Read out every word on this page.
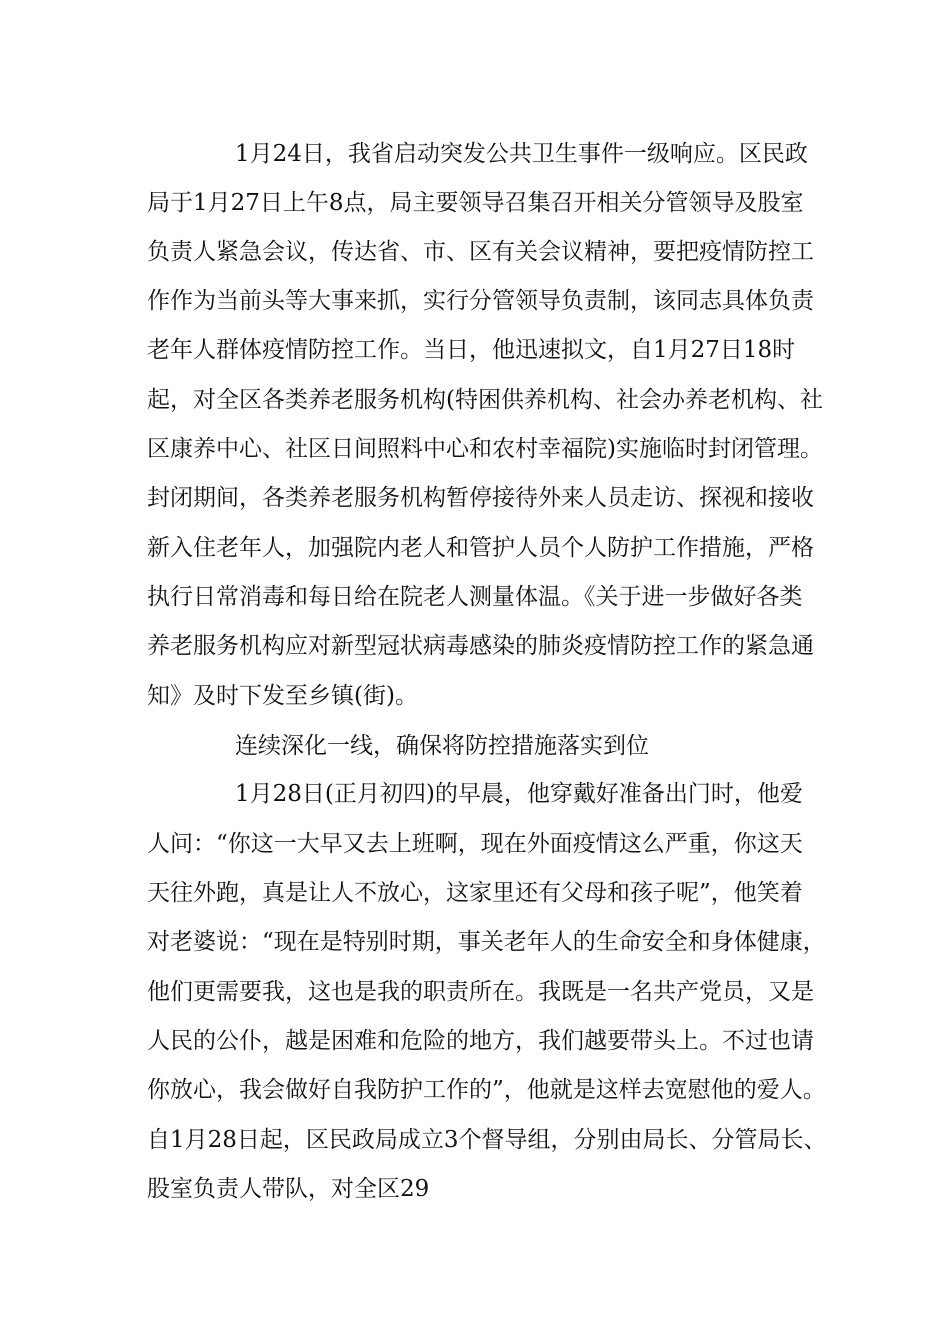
1月24日，我省启动突发公共卫生事件一级响应。区民政
局于1月27日上午8点，局主要领导召集召开相关分管领导及股室
负责人紧急会议，传达省、市、区有关会议精神，要把疫情防控工
作作为当前头等大事来抓，实行分管领导负责制，该同志具体负责
老年人群体疫情防控工作。当日，他迅速拟文，自1月27日18时
起，对全区各类养老服务机构(特困供养机构、社会办养老机构、社
区康养中心、社区日间照料中心和农村幸福院)实施临时封闭管理。
封闭期间，各类养老服务机构暂停接待外来人员走访、探视和接收
新入住老年人，加强院内老人和管护人员个人防护工作措施，严格
执行日常消毒和每日给在院老人测量体温。《关于进一步做好各类
养老服务机构应对新型冠状病毒感染的肺炎疫情防控工作的紧急通
知》及时下发至乡镇(街)。
连续深化一线，确保将防控措施落实到位
1月28日(正月初四)的早晨，他穿戴好准备出门时，他爱
人问：“你这一大早又去上班啊，现在外面疫情这么严重，你这天
天往外跑，真是让人不放心，这家里还有父母和孩子呢”，他笑着
对老婆说：“现在是特别时期，事关老年人的生命安全和身体健康，
他们更需要我，这也是我的职责所在。我既是一名共产党员，又是
人民的公仆，越是困难和危险的地方，我们越要带头上。不过也请
你放心，我会做好自我防护工作的”，他就是这样去宽慰他的爱人。
自1月28日起，区民政局成立3个督导组，分别由局长、分管局长、
股室负责人带队，对全区29
